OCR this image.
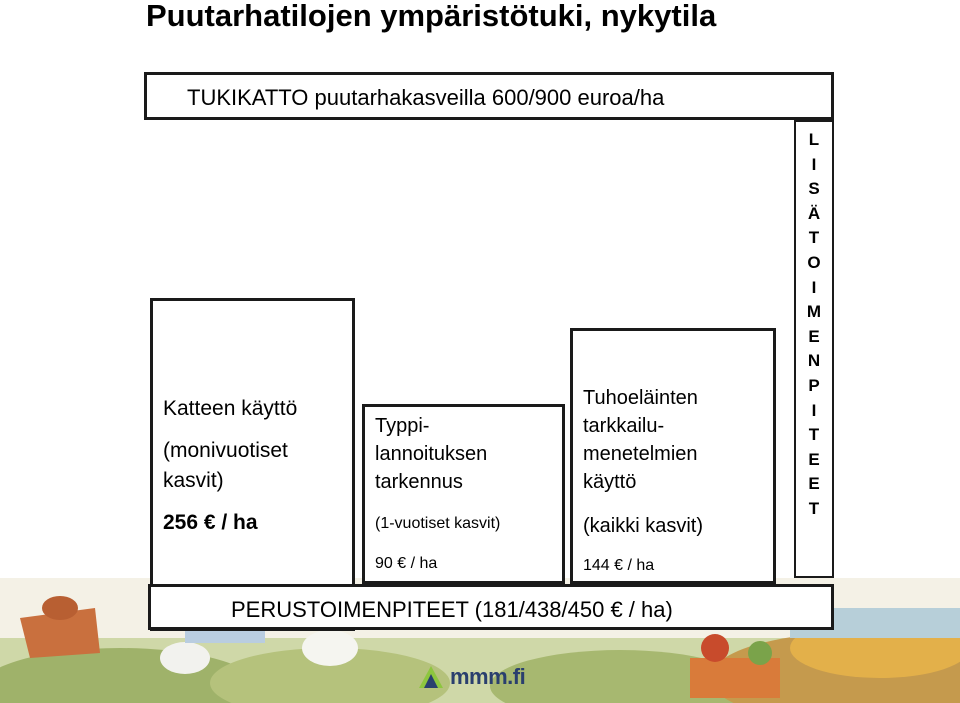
Puutarhatilojen ympäristötuki, nykytila
TUKIKATTO puutarhakasveilla 600/900 euroa/ha
Katteen käyttö
(monivuotiset
kasvit)
256 € / ha
Typpi-
lannoituksen
tarkennus
(1-vuotiset kasvit)
90 € / ha
Tuhoeläinten
tarkkailu-
menetelmien
käyttö
(kaikki kasvit)
144 € / ha
L
I
S
Ä
T
O
I
M
E
N
P
I
T
E
E
T
PERUSTOIMENPITEET (181/438/450 € / ha)
mmm.fi
